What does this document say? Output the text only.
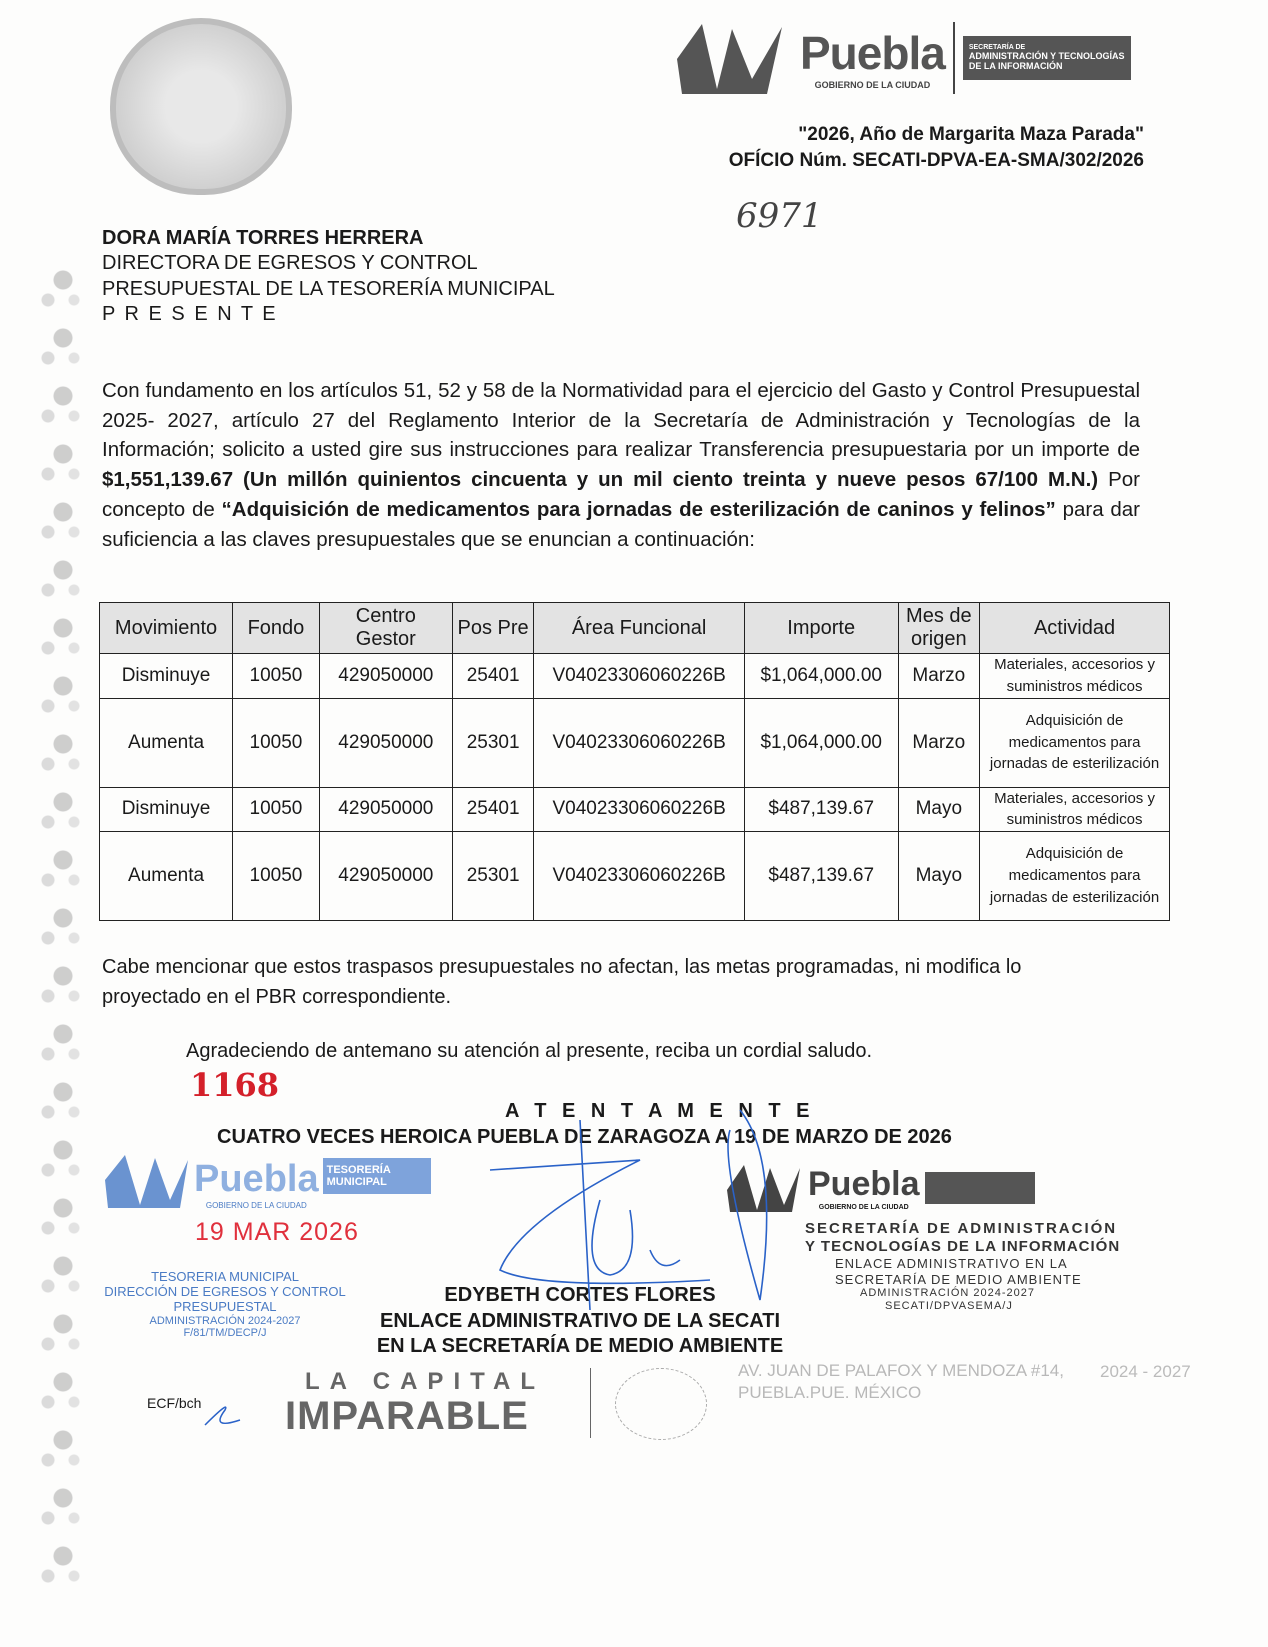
Puebla
GOBIERNO DE LA CIUDAD
SECRETARÍA DE
ADMINISTRACIÓN Y TECNOLOGÍAS
DE LA INFORMACIÓN
"2026, Año de Margarita Maza Parada"
OFÍCIO Núm. SECATI-DPVA-EA-SMA/302/2026
6971
DORA MARÍA TORRES HERRERA
DIRECTORA DE EGRESOS Y CONTROL
PRESUPUESTAL DE LA TESORERÍA MUNICIPAL
P R E S E N T E
Con fundamento en los artículos 51, 52 y 58 de la Normatividad para el ejercicio del Gasto y Control Presupuestal 2025- 2027, artículo 27 del Reglamento Interior de la Secretaría de Administración y Tecnologías de la Información; solicito a usted gire sus instrucciones para realizar Transferencia presupuestaria por un importe de $1,551,139.67 (Un millón quinientos cincuenta y un mil ciento treinta y nueve pesos 67/100 M.N.) Por concepto de “Adquisición de medicamentos para jornadas de esterilización de caninos y felinos” para dar suficiencia a las claves presupuestales que se enuncian a continuación:
Movimiento	Fondo	Centro Gestor	Pos Pre	Área Funcional	Importe	Mes de origen	Actividad
Disminuye	10050	429050000	25401	V04023306060226B	$1,064,000.00	Marzo	Materiales, accesorios y suministros médicos
Aumenta	10050	429050000	25301	V04023306060226B	$1,064,000.00	Marzo	Adquisición de medicamentos para jornadas de esterilización
Disminuye	10050	429050000	25401	V04023306060226B	$487,139.67	Mayo	Materiales, accesorios y suministros médicos
Aumenta	10050	429050000	25301	V04023306060226B	$487,139.67	Mayo	Adquisición de medicamentos para jornadas de esterilización
Cabe mencionar que estos traspasos presupuestales no afectan, las metas programadas, ni modifica lo proyectado en el PBR correspondiente.
Agradeciendo de antemano su atención al presente, reciba un cordial saludo.
1168
A T E N T A M E N T E
CUATRO VECES HEROICA PUEBLA DE ZARAGOZA A 19 DE MARZO DE 2026
Puebla
GOBIERNO DE LA CIUDAD
TESORERÍA MUNICIPAL
19 MAR 2026
TESORERIA MUNICIPAL
DIRECCIÓN DE EGRESOS Y CONTROL
PRESUPUESTAL
ADMINISTRACIÓN 2024-2027
F/81/TM/DECP/J
Puebla
GOBIERNO DE LA CIUDAD
SECRETARÍA DE ADMINISTRACIÓN
Y TECNOLOGÍAS DE LA INFORMACIÓN
ENLACE ADMINISTRATIVO EN LA
SECRETARÍA DE MEDIO AMBIENTE
ADMINISTRACIÓN 2024-2027
SECATI/DPVASEMA/J
EDYBETH CORTES FLORES
ENLACE ADMINISTRATIVO DE LA SECATI
EN LA SECRETARÍA DE MEDIO AMBIENTE
LA CAPITAL
IMPARABLE
2024 - 2027
AV. JUAN DE PALAFOX Y MENDOZA #14,
PUEBLA.PUE. MÉXICO
ECF/bch
